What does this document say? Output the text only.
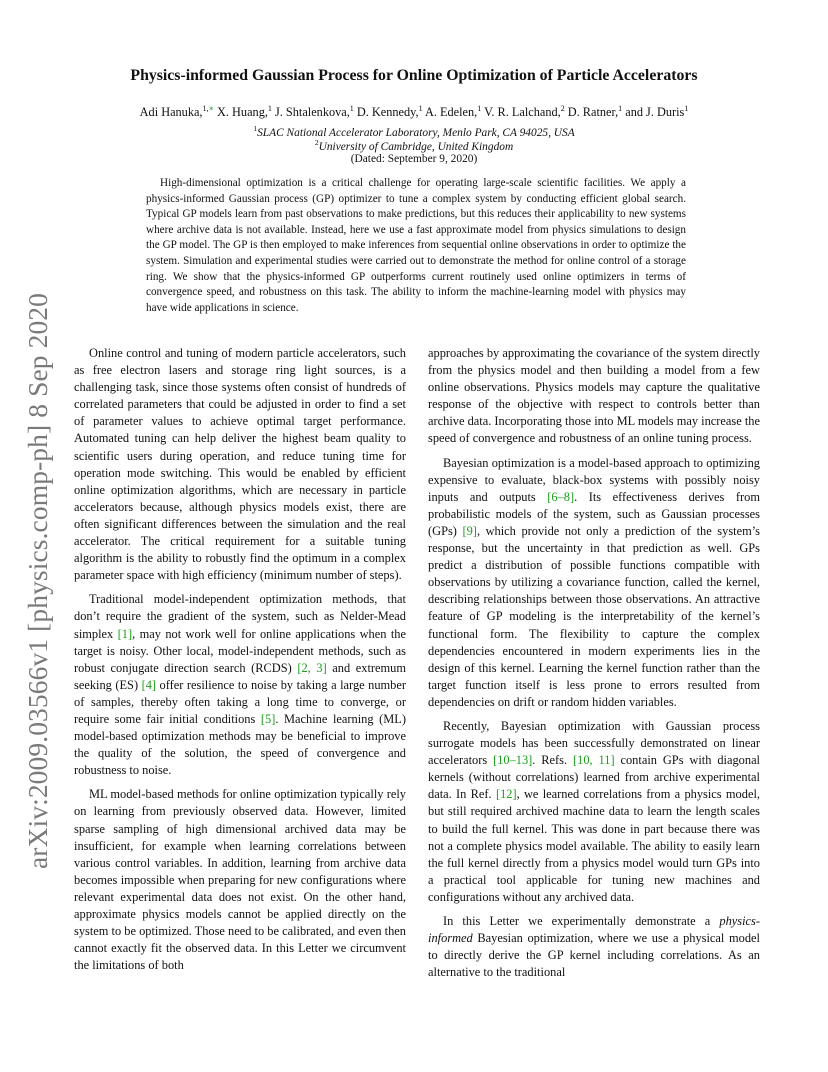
arXiv:2009.03566v1 [physics.comp-ph] 8 Sep 2020
Physics-informed Gaussian Process for Online Optimization of Particle Accelerators
Adi Hanuka,$^{1,∗}$ X. Huang,$^1$ J. Shtalenkova,$^1$ D. Kennedy,$^1$ A. Edelen,$^1$ V. R. Lalchand,$^2$ D. Ratner,$^1$ and J. Duris$^1$
$^1$SLAC National Accelerator Laboratory, Menlo Park, CA 94025, USA
$^2$University of Cambridge, United Kingdom
(Dated: September 9, 2020)
High-dimensional optimization is a critical challenge for operating large-scale scientific facilities. We apply a physics-informed Gaussian process (GP) optimizer to tune a complex system by conducting efficient global search. Typical GP models learn from past observations to make predictions, but this reduces their applicability to new systems where archive data is not available. Instead, here we use a fast approximate model from physics simulations to design the GP model. The GP is then employed to make inferences from sequential online observations in order to optimize the system. Simulation and experimental studies were carried out to demonstrate the method for online control of a storage ring. We show that the physics-informed GP outperforms current routinely used online optimizers in terms of convergence speed, and robustness on this task. The ability to inform the machine-learning model with physics may have wide applications in science.

Online control and tuning of modern particle accelerators, such as free electron lasers and storage ring light sources, is a challenging task, since those systems often consist of hundreds of correlated parameters that could be adjusted in order to find a set of parameter values to achieve optimal target performance. Automated tuning can help deliver the highest beam quality to scientific users during operation, and reduce tuning time for operation mode switching. This would be enabled by efficient online optimization algorithms, which are necessary in particle accelerators because, although physics models exist, there are often significant differences between the simulation and the real accelerator. The critical requirement for a suitable tuning algorithm is the ability to robustly find the optimum in a complex parameter space with high efficiency (minimum number of steps).

Traditional model-independent optimization methods, that don’t require the gradient of the system, such as Nelder-Mead simplex [1], may not work well for online applications when the target is noisy. Other local, model-independent methods, such as robust conjugate direction search (RCDS) [2, 3] and extremum seeking (ES) [4] offer resilience to noise by taking a large number of samples, thereby often taking a long time to converge, or require some fair initial conditions [5]. Machine learning (ML) model-based optimization methods may be beneficial to improve the quality of the solution, the speed of convergence and robustness to noise.

ML model-based methods for online optimization typically rely on learning from previously observed data. However, limited sparse sampling of high dimensional archived data may be insufficient, for example when learning correlations between various control variables. In addition, learning from archive data becomes impossible when preparing for new configurations where relevant experimental data does not exist. On the other hand, approximate physics models cannot be applied directly on the system to be optimized. Those need to be calibrated, and even then cannot exactly fit the observed data. In this Letter we circumvent the limitations of both

approaches by approximating the covariance of the system directly from the physics model and then building a model from a few online observations. Physics models may capture the qualitative response of the objective with respect to controls better than archive data. Incorporating those into ML models may increase the speed of convergence and robustness of an online tuning process.

Bayesian optimization is a model-based approach to optimizing expensive to evaluate, black-box systems with possibly noisy inputs and outputs [6–8]. Its effectiveness derives from probabilistic models of the system, such as Gaussian processes (GPs) [9], which provide not only a prediction of the system’s response, but the uncertainty in that prediction as well. GPs predict a distribution of possible functions compatible with observations by utilizing a covariance function, called the kernel, describing relationships between those observations. An attractive feature of GP modeling is the interpretability of the kernel’s functional form. The flexibility to capture the complex dependencies encountered in modern experiments lies in the design of this kernel. Learning the kernel function rather than the target function itself is less prone to errors resulted from dependencies on drift or random hidden variables.

Recently, Bayesian optimization with Gaussian process surrogate models has been successfully demonstrated on linear accelerators [10–13]. Refs. [10, 11] contain GPs with diagonal kernels (without correlations) learned from archive experimental data. In Ref. [12], we learned correlations from a physics model, but still required archived machine data to learn the length scales to build the full kernel. This was done in part because there was not a complete physics model available. The ability to easily learn the full kernel directly from a physics model would turn GPs into a practical tool applicable for tuning new machines and configurations without any archived data.

In this Letter we experimentally demonstrate a physics-informed Bayesian optimization, where we use a physical model to directly derive the GP kernel including correlations. As an alternative to the traditional
